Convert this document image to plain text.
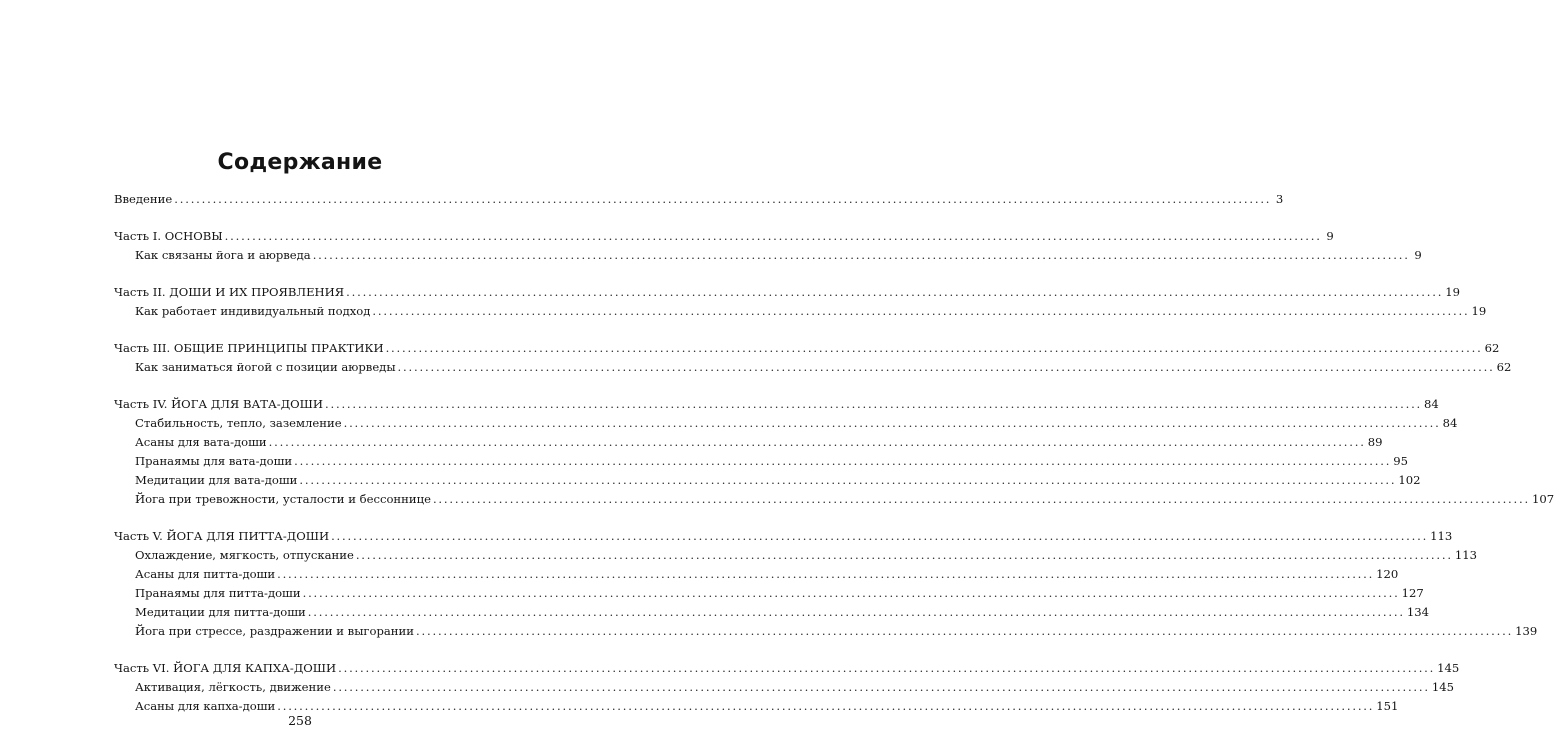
Содержание
Введение ........................................................................................................................................................................................................ 3
Часть I. ОСНОВЫ ........................................................................................................................................................................................................ 9
Как связаны йога и аюрведа ........................................................................................................................................................................................................ 9
Часть II. ДОШИ И ИХ ПРОЯВЛЕНИЯ ........................................................................................................................................................................................................ 19
Как работает индивидуальный подход ........................................................................................................................................................................................................ 19
Часть III. ОБЩИЕ ПРИНЦИПЫ ПРАКТИКИ ........................................................................................................................................................................................................ 62
Как заниматься йогой с позиции аюрведы ........................................................................................................................................................................................................ 62
Часть IV. ЙОГА ДЛЯ ВАТА-ДОШИ ........................................................................................................................................................................................................ 84
Стабильность, тепло, заземление ........................................................................................................................................................................................................ 84
Асаны для вата-доши ........................................................................................................................................................................................................ 89
Пранаямы для вата-доши ........................................................................................................................................................................................................ 95
Медитации для вата-доши ........................................................................................................................................................................................................ 102
Йога при тревожности, усталости и бессоннице ........................................................................................................................................................................................................ 107
Часть V. ЙОГА ДЛЯ ПИТТА-ДОШИ ........................................................................................................................................................................................................ 113
Охлаждение, мягкость, отпускание ........................................................................................................................................................................................................ 113
Асаны для питта-доши ........................................................................................................................................................................................................ 120
Пранаямы для питта-доши ........................................................................................................................................................................................................ 127
Медитации для питта-доши ........................................................................................................................................................................................................ 134
Йога при стрессе, раздражении и выгорании ........................................................................................................................................................................................................ 139
Часть VI. ЙОГА ДЛЯ КАПХА-ДОШИ ........................................................................................................................................................................................................ 145
Активация, лёгкость, движение ........................................................................................................................................................................................................ 145
Асаны для капха-доши ........................................................................................................................................................................................................ 151
258
